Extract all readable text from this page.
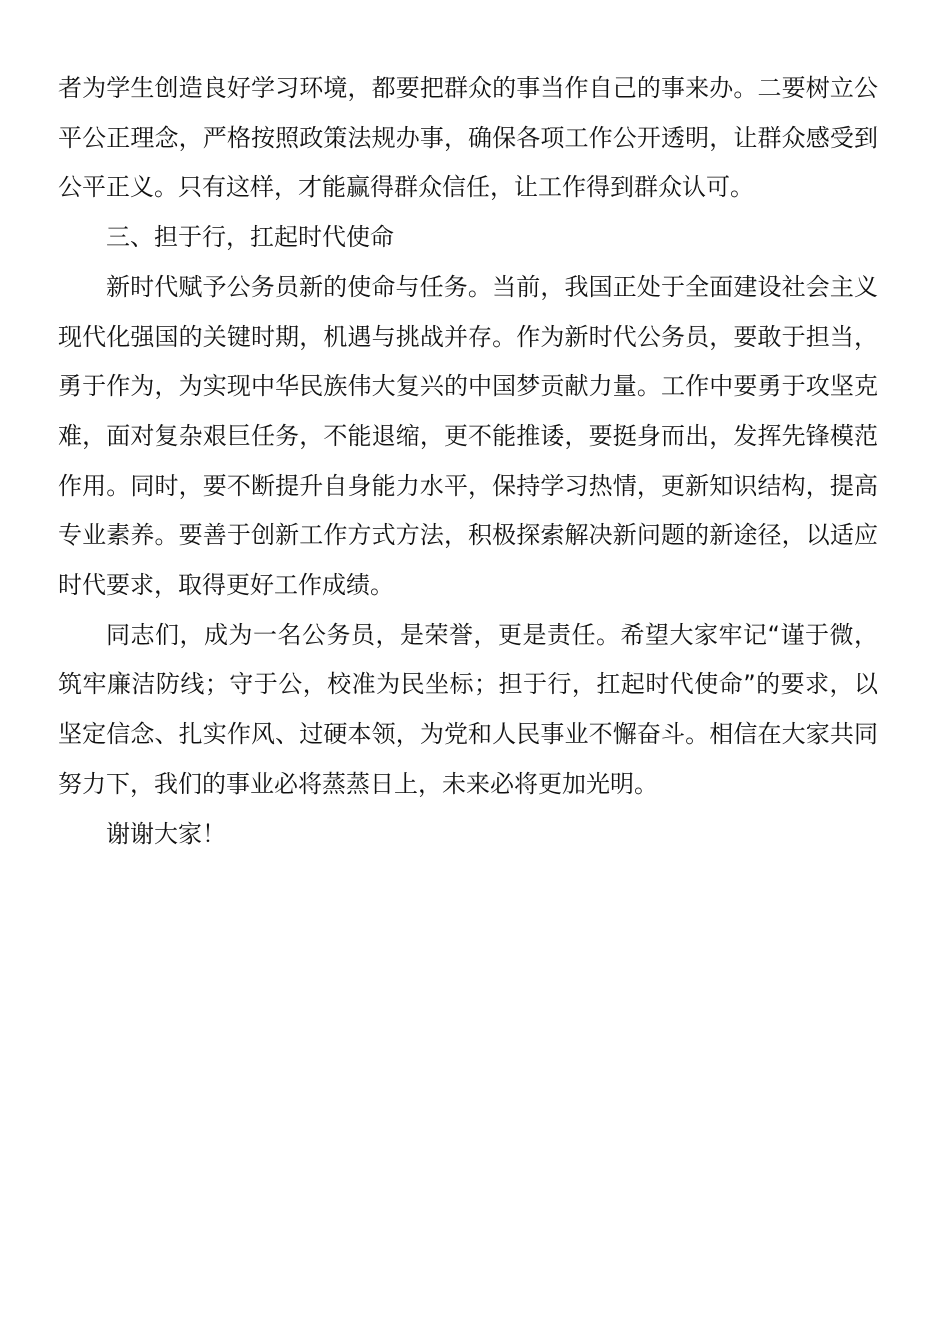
者为学生创造良好学习环境，都要把群众的事当作自己的事来办。二要树立公平公正理念，严格按照政策法规办事，确保各项工作公开透明，让群众感受到公平正义。只有这样，才能赢得群众信任，让工作得到群众认可。

三、担于行，扛起时代使命

新时代赋予公务员新的使命与任务。当前，我国正处于全面建设社会主义现代化强国的关键时期，机遇与挑战并存。作为新时代公务员，要敢于担当，勇于作为，为实现中华民族伟大复兴的中国梦贡献力量。工作中要勇于攻坚克难，面对复杂艰巨任务，不能退缩，更不能推诿，要挺身而出，发挥先锋模范作用。同时，要不断提升自身能力水平，保持学习热情，更新知识结构，提高专业素养。要善于创新工作方式方法，积极探索解决新问题的新途径，以适应时代要求，取得更好工作成绩。

同志们，成为一名公务员，是荣誉，更是责任。希望大家牢记“谨于微，筑牢廉洁防线；守于公，校准为民坐标；担于行，扛起时代使命”的要求，以坚定信念、扎实作风、过硬本领，为党和人民事业不懈奋斗。相信在大家共同努力下，我们的事业必将蒸蒸日上，未来必将更加光明。

谢谢大家！
